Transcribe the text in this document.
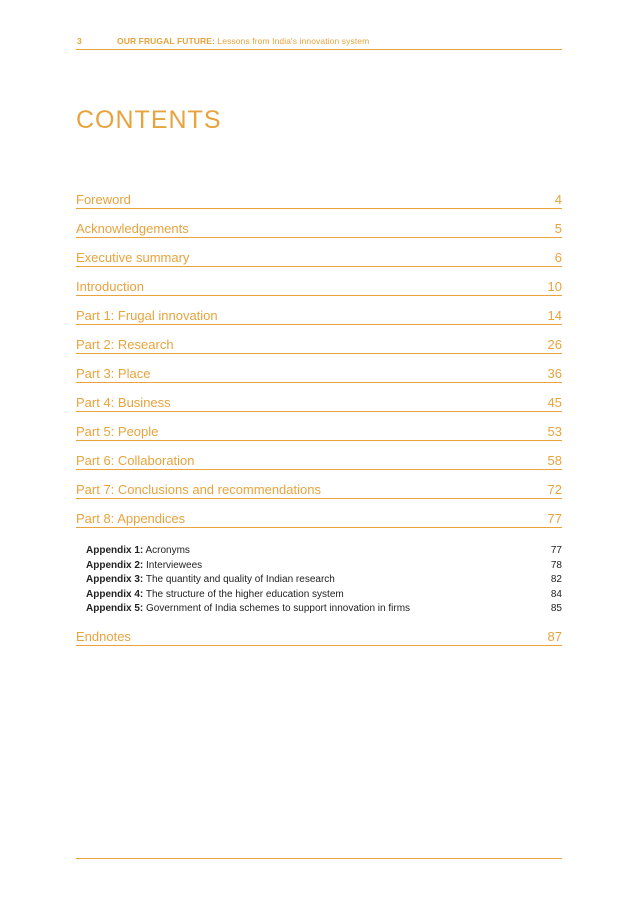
3	OUR FRUGAL FUTURE: Lessons from India's innovation system
CONTENTS
Foreword	4
Acknowledgements	5
Executive summary	6
Introduction	10
Part 1: Frugal innovation	14
Part 2: Research	26
Part 3: Place	36
Part 4: Business	45
Part 5: People	53
Part 6: Collaboration	58
Part 7: Conclusions and recommendations	72
Part 8: Appendices	77
Appendix 1: Acronyms	77
Appendix 2: Interviewees	78
Appendix 3: The quantity and quality of Indian research	82
Appendix 4: The structure of the higher education system	84
Appendix 5: Government of India schemes to support innovation in firms	85
Endnotes	87
